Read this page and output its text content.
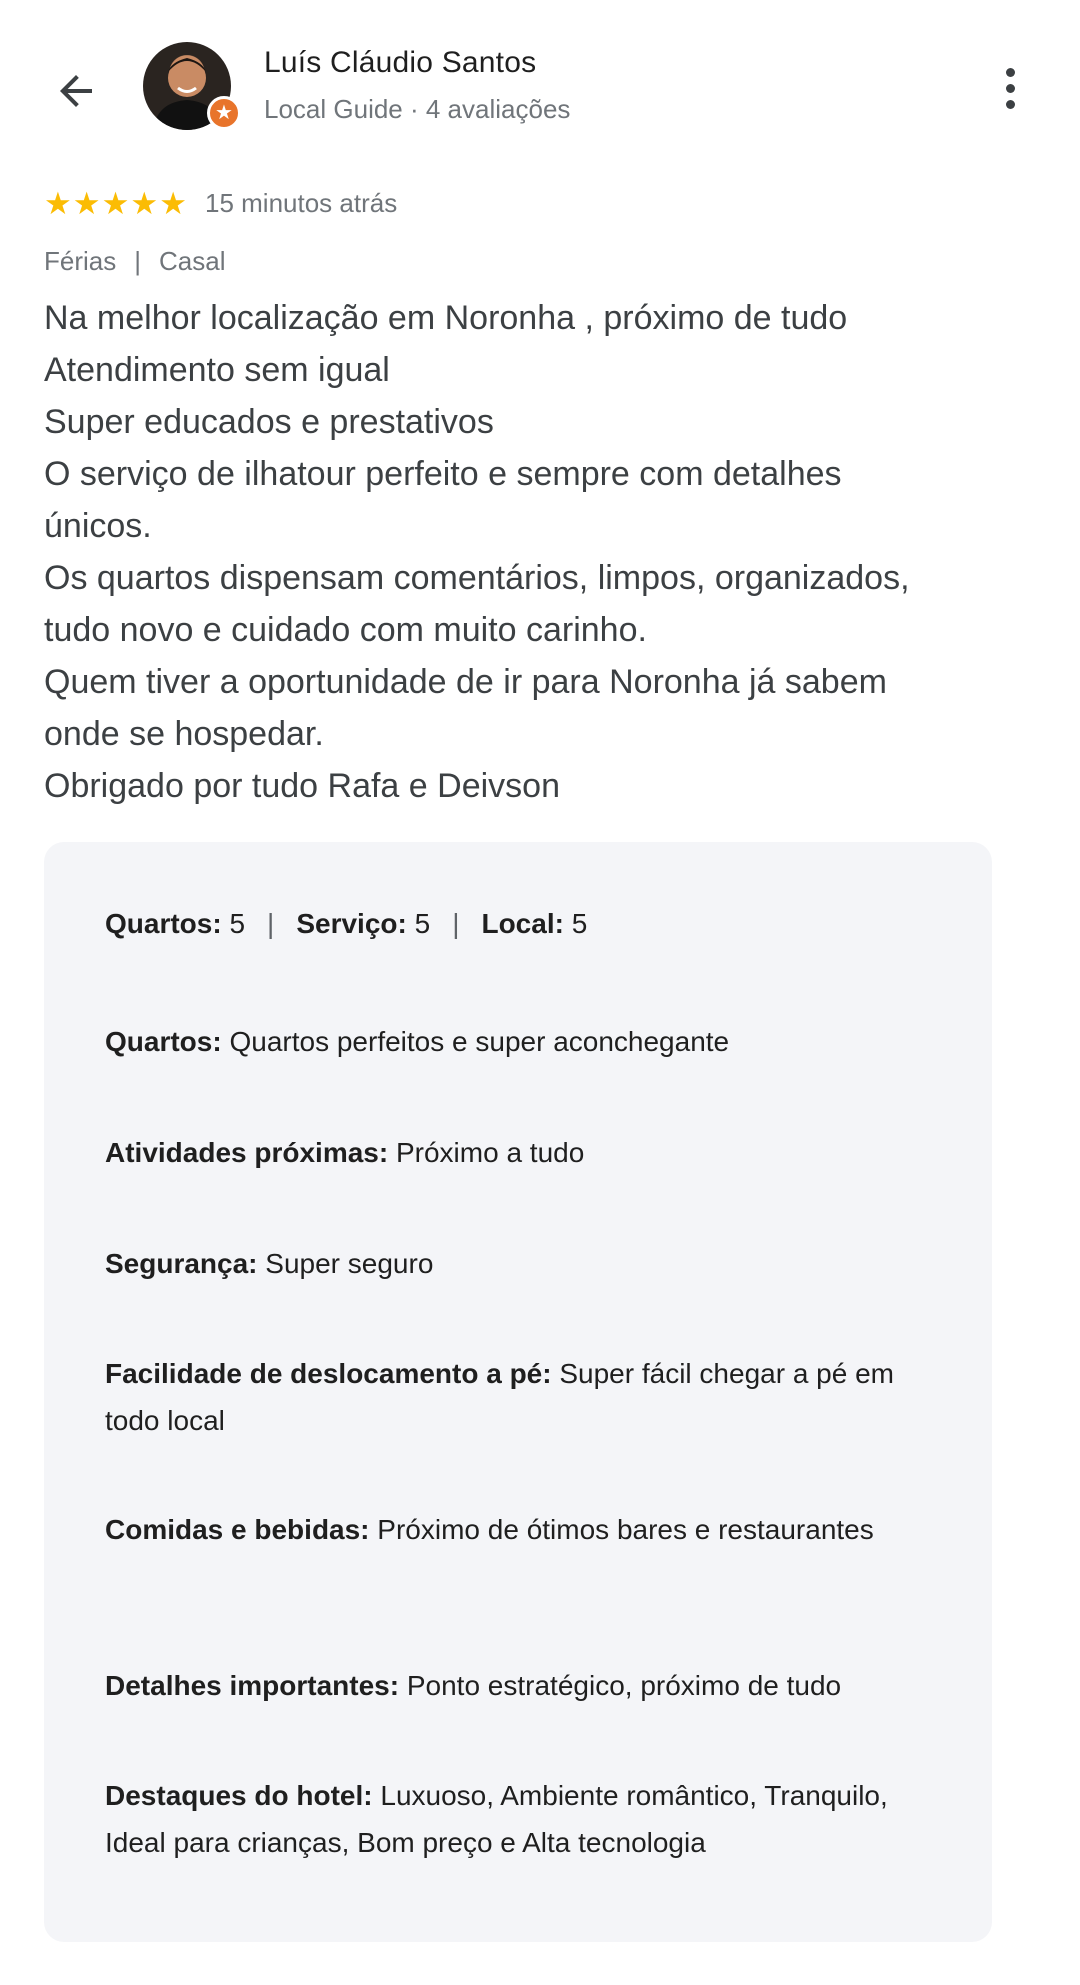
★
Luís Cláudio Santos
Local Guide · 4 avaliações
★ ★ ★ ★ ★ 15 minutos atrás
Férias | Casal
Na melhor localização em Noronha , próximo de tudo
Atendimento sem igual
Super educados e prestativos
O serviço de ilhatour perfeito e sempre com detalhes
únicos.
Os quartos dispensam comentários, limpos, organizados,
tudo novo e cuidado com muito carinho.
Quem tiver a oportunidade de ir para Noronha já sabem
onde se hospedar.
Obrigado por tudo Rafa e Deivson
Quartos:
5 | Serviço:
5 | Local:
5
Quartos: Quartos perfeitos e super aconchegante
Atividades próximas: Próximo a tudo
Segurança: Super seguro
Facilidade de deslocamento a pé: Super fácil chegar a pé em todo local
Comidas e bebidas: Próximo de ótimos bares e restaurantes
Detalhes importantes: Ponto estratégico, próximo de tudo
Destaques do hotel: Luxuoso, Ambiente romântico, Tranquilo, Ideal para crianças, Bom preço e Alta tecnologia
